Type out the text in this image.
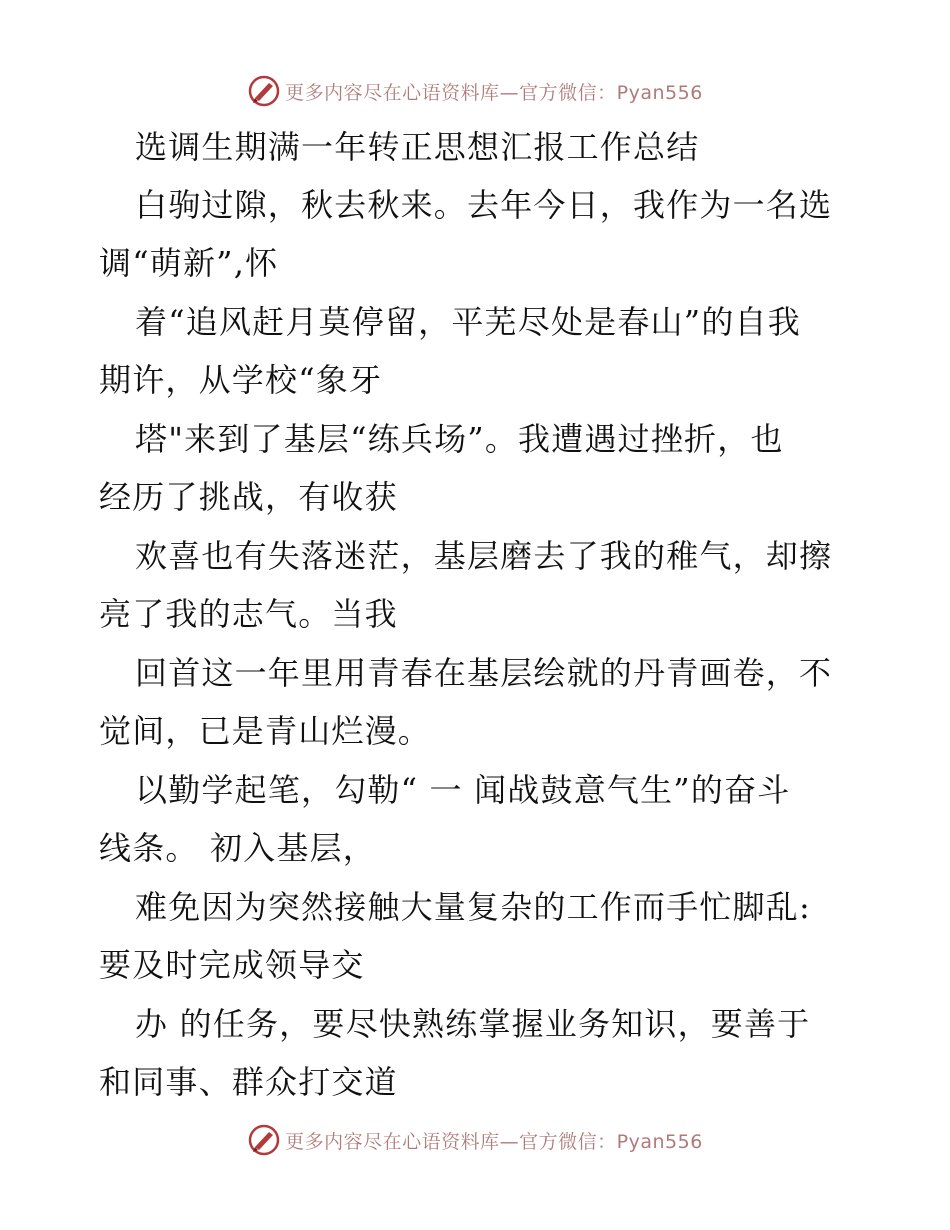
更多内容尽在心语资料库—官方微信：Pyan556
选调生期满一年转正思想汇报工作总结
白驹过隙，秋去秋来。去年今日，我作为一名选
调“萌新”,怀
着“追风赶月莫停留，平芜尽处是春山”的自我
期许，从学校“象牙
塔"来到了基层“练兵场”。我遭遇过挫折，也
经历了挑战，有收获
欢喜也有失落迷茫，基层磨去了我的稚气，却擦
亮了我的志气。当我
回首这一年里用青春在基层绘就的丹青画卷，不
觉间，已是青山烂漫。
以勤学起笔，勾勒“ 一 闻战鼓意气生”的奋斗
线条。 初入基层，
难免因为突然接触大量复杂的工作而手忙脚乱:
要及时完成领导交
办 的任务，要尽快熟练掌握业务知识，要善于
和同事、群众打交道
更多内容尽在心语资料库—官方微信：Pyan556
